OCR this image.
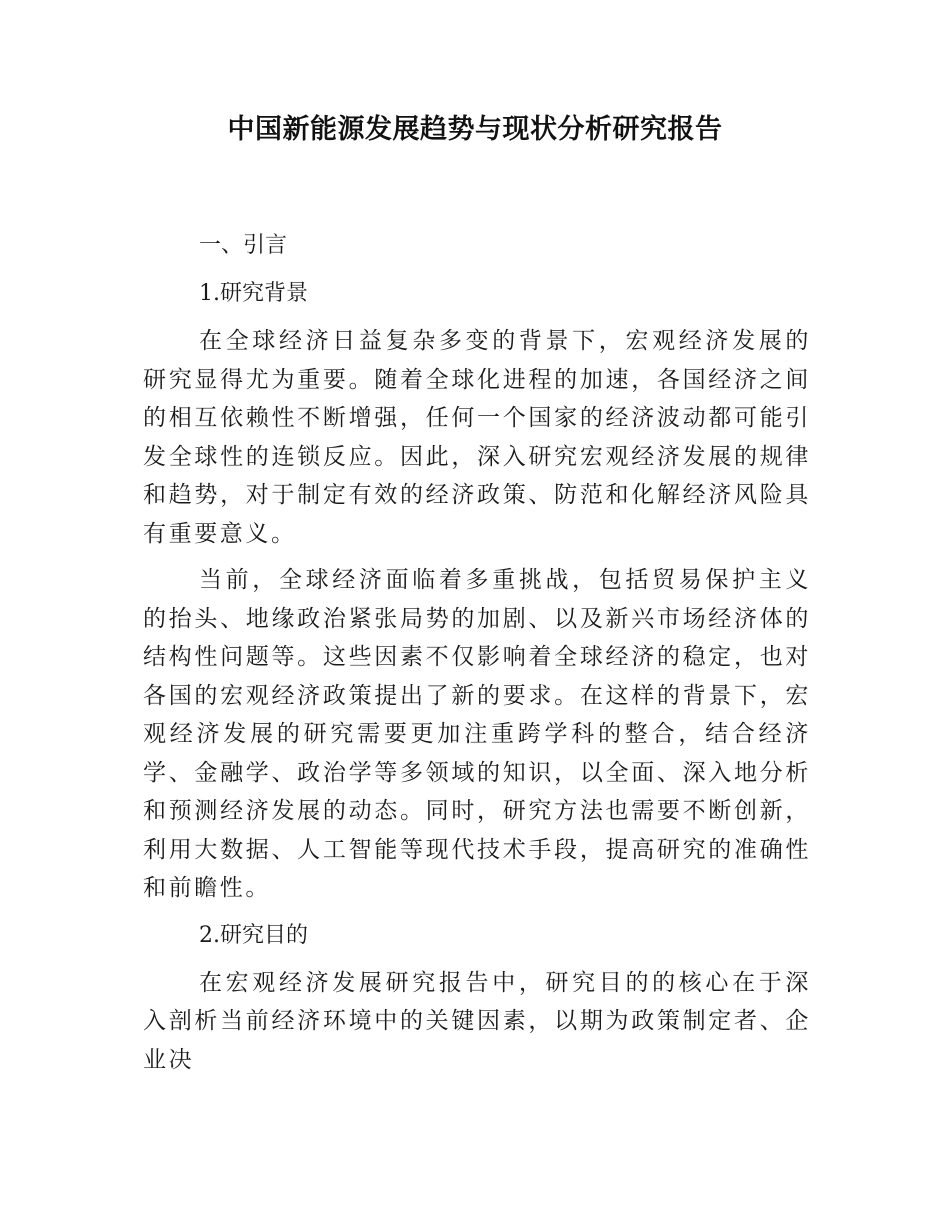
中国新能源发展趋势与现状分析研究报告
一、引言
1.研究背景

在全球经济日益复杂多变的背景下，宏观经济发展的研究显得尤为重要。随着全球化进程的加速，各国经济之间的相互依赖性不断增强，任何一个国家的经济波动都可能引发全球性的连锁反应。因此，深入研究宏观经济发展的规律和趋势，对于制定有效的经济政策、防范和化解经济风险具有重要意义。

当前，全球经济面临着多重挑战，包括贸易保护主义的抬头、地缘政治紧张局势的加剧、以及新兴市场经济体的结构性问题等。这些因素不仅影响着全球经济的稳定，也对各国的宏观经济政策提出了新的要求。在这样的背景下，宏观经济发展的研究需要更加注重跨学科的整合，结合经济学、金融学、政治学等多领域的知识，以全面、深入地分析和预测经济发展的动态。同时，研究方法也需要不断创新，利用大数据、人工智能等现代技术手段，提高研究的准确性和前瞻性。

2.研究目的

在宏观经济发展研究报告中，研究目的的核心在于深入剖析当前经济环境中的关键因素，以期为政策制定者、企业决
